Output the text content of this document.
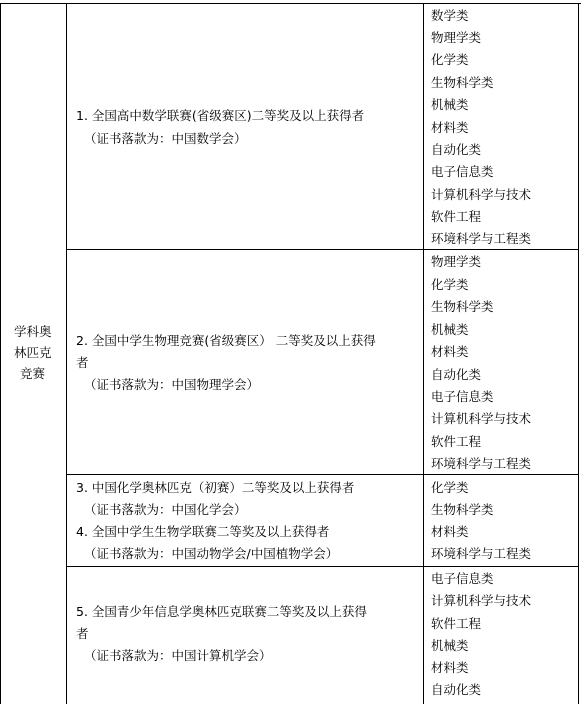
学科奥
林匹克
竞赛
1. 全国高中数学联赛(省级赛区)二等奖及以上获得者
（证书落款为：中国数学会）
数学类
物理学类
化学类
生物科学类
机械类
材料类
自动化类
电子信息类
计算机科学与技术
软件工程
环境科学与工程类
2. 全国中学生物理竞赛(省级赛区） 二等奖及以上获得
者
（证书落款为：中国物理学会）
物理学类
化学类
生物科学类
机械类
材料类
自动化类
电子信息类
计算机科学与技术
软件工程
环境科学与工程类
3. 中国化学奥林匹克（初赛）二等奖及以上获得者
（证书落款为：中国化学会）
4. 全国中学生生物学联赛二等奖及以上获得者
（证书落款为：中国动物学会/中国植物学会）
化学类
生物科学类
材料类
环境科学与工程类
5. 全国青少年信息学奥林匹克联赛二等奖及以上获得
者
（证书落款为：中国计算机学会）
电子信息类
计算机科学与技术
软件工程
机械类
材料类
自动化类
